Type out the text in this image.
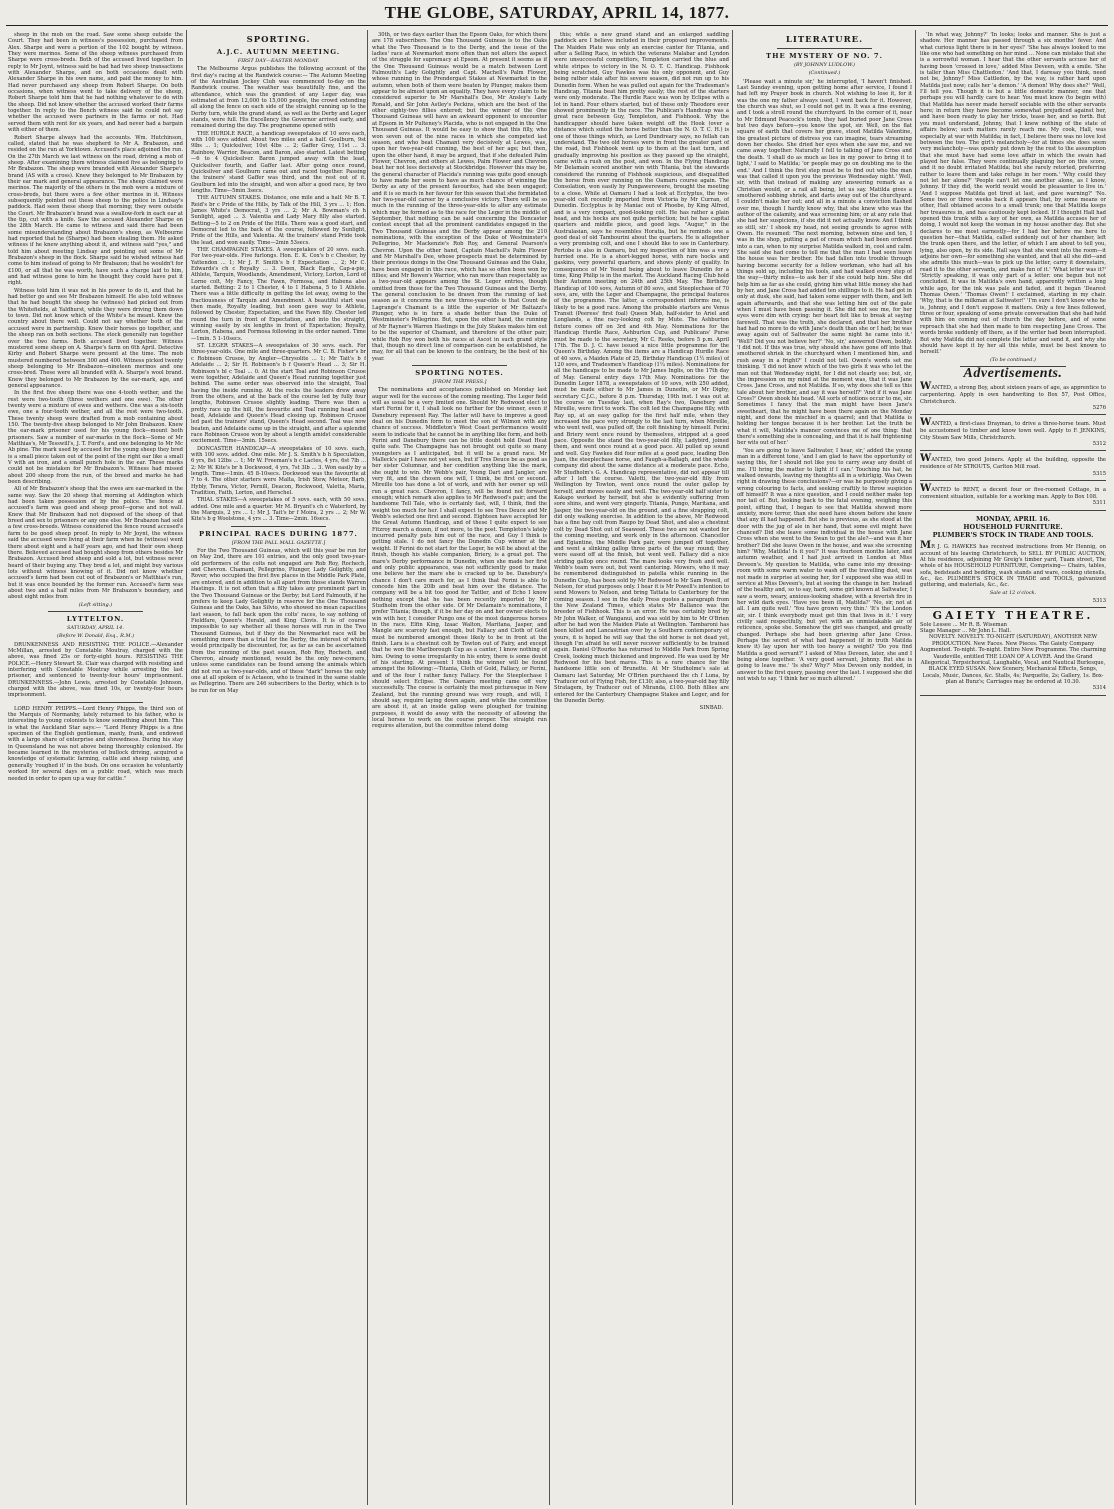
THE GLOBE, SATURDAY, APRIL 14, 1877.

sheep in the mob on the road. Saw some sheep outside the Court. They had been in witness's possession, purchased from Alex. Sharpe and were a portion of the 102 bought by witness. They were merinos. Some of the sheep witness purchased from Sharpe were cross-breds. Both of the accused lived together. In reply to Mr Joynt, witness said he had had two sheep transactions with Alexander Sharpe, and on both occasions dealt with Alexander Sharpe in his own name, and paid the money to him. Had never purchased any sheep from Robert Sharpe. On both occasions, when witness went to take delivery of the sheep, Robert Sharpe told him that he had nothing whatever to do with the sheep. Did not know whether the accused worked their farms together. In reply to the Bench witness said he could not say whether the accused were partners in the farms or not. Had served them with rent for six years, and had never had a bargain with either of them.

Robert Sharpe always had the accounts. Wm. Hutchinson, called, stated that he was shepherd to Mr A. Brabazon, and resided on the run at Yorktown. Accused's place adjoined the run. On the 27th March we last witness on the road, driving a mob of sheep. After examining them witness claimed five as belonging to Mr Brabazon. The sheep were branded with Alexander Sharpe's brand (AS with a cross). Knew they belonged to Mr Brabazon by their ear mark and general appearance. The sheep claimed were merinos. The majority of the others in the mob were a mixture of cross-breds, but there were a few other merinos in it. Witness subsequently pointed out these sheep to the police in Lindsay's paddock. Had seen these sheep that morning; they were outside the Court. Mr Brabazon's brand was a swallow-fork in each ear at the tip, cut with a knife. Saw the accused Alexander Sharpe on the 28th March. He came to witness and said there had been some misunderstanding about Brabazon's sheep, as Welbourne had reported that he (Sharpe) had been stealing them. He asked witness if he knew anything about it, and witness said "yes," and told him about meeting Lindsay and pointing out some of Mr Brabazon's sheep in the flock. Sharpe said he wished witness had come to him instead of going to Mr Brabazon; that he wouldn't for £100, or all that he was worth, have such a charge laid to him, and had witness gone to him he thought they could have put it right.

Witness told him it was not in his power to do it, and that he had better go and see Mr Brabazon himself. He also told witness that he had bought the sheep he (witness) had picked out from the Whitefields, at Yaldhurst, while they were driving them down to town. Did not know which of the White's he meant. Knew the country about there well. Could not say whether both of the accused were in partnership. Knew their horses go together, and the sheep ran on both sections. The stock generally ran together over the two farms. Both accused lived together. Witness mustered some sheep on A. Sharpe's farm on 6th April. Detective Kirby and Robert Sharpe were present at the time. The mob mustered numbered between 300 and 400. Witness picked twenty sheep belonging to Mr Brabazon—nineteen merinos and one cross-bred. These were all branded with A. Sharpe's wool brand. Knew they belonged to Mr Brabazon by the ear-mark, age, and general appearance.

In the first five sheep there was one 4-tooth wether, and the rest were two-tooth (three wethers and one ewe). The other twenty were a mixture of ewes and wethers. One was a six-tooth ewe, one a four-tooth wether, and all the rest were two-tooth. These twenty sheep were drafted from a mob containing about 150. The twenty-five sheep belonged to Mr John Brabazon. Knew the ear-mark prisoner used for his young flock—mount both prisoners. Saw a number of ear-marks in the flock—Some of Mr Matthias's, Mr Tesswill's, J. T. Ford's, and one belonging to Mr Mc Ab pine. The mark used by accused for the young sheep they bred is a small piece taken out of the point of the right ear like a small V with an iron, and a small punch hole in the ear. These marks could not be mistaken for Mr Brabazon's. Witness had missed about 200 sheep from the run, of the breed and marks he had been describing.

All of Mr Brabazon's sheep that the ewes are ear-marked in the same way. Saw the 20 sheep that morning at Addington which had been taken possession of by the police. The fence at accused's farm was good and sheep proof—gorse and not wall. Knew that Mr Brabazon had not disposed of the sheep of that breed and sex to prisoners or any one else. Mr Brabazon had sold a few cross-breeds. Witness considered the fence round accused's farm to be good sheep proof. In reply to Mr Joynt, the witness said the accused were living at their farm when he (witness) went there about eight and a half years ago, and had their own sheep there. Believed accused had bought sheep from others besides Mr Brabazon. Accused bred sheep and sold a lot, but witness never heard of their buying any. They bred a lot, and might buy various lots without witness knowing of it. Did not know whether accused's farm had been cut out of Brabazon's or Matthias's run, but it was once bounded by the former run. Accused's farm was about two and a half miles from Mr Brabazon's boundary, and about eight miles from

(Left sitting.)
LYTTELTON.
SATURDAY, APRIL 14.
(Before W. Donald, Esq., R.M.)

DRUNKENNESS AND RESISTING THE POLICE.—Alexander McMillan, arrested by Constable Moutray, charged with the above, was fined 25s or forty-eight hours. RESISTING THE POLICE.—Henry Stewart St. Clair was charged with resisting and interfering with Constable Moutray while arresting the last prisoner, and sentenced to twenty-four hours' imprisonment. DRUNKENNESS.—John Lewis, arrested by Constable Johnson, charged with the above, was fined 10s, or twenty-four hours imprisonment.

LORD HENRY PHIPPS.—Lord Henry Phipps, the third son of the Marquis of Normanby, lately returned to his father, who is interesting to young colonists to know something about him. This is what the Auckland Star says:— "Lord Henry Phipps is a fine specimen of the English gentleman, manly, frank, and endowed with a large share of enterprise and shrewdness. During his stay in Queensland he was not above being thoroughly colonised. He became learned in the mysteries of bullock driving, acquired a knowledge of systematic farming, cattle and sheep raising, and generally 'roughed it' in the bush. On one occasion he voluntarily worked for several days on a public road, which was much needed in order to open up a way for cattle."

SPORTING.
A.J.C. AUTUMN MEETING.
FIRST DAY—EASTER MONDAY.

The Melbourne Argus publishes the following account of the first day's racing at the Randwick course:— The Autumn Meeting of the Australian Jockey Club was commenced to-day on the Randwick course. The weather was beautifully fine, and the attendance, which was the grandest of any Leger day, was estimated at from 12,000 to 15,000 people, the crowd extending all along the fence on each side of the straight running up to the Derby turn, while the grand stand, as well as the Derby and Leger stands, were full. His Excellency the Governor arrived early, and remained during the day. The programme opened with

THE HURDLE RACE, a handicap sweepstakes of 10 sovs each, with 100 sovs added. About two miles and a half. Goulburn, 9st 9lbs ... 1; Quicksilver, 10st 4lbs ... 2; Gaffer Grey, 11st ... 3. Rainbow, Warrior, Beacon, and Baron, also started. Latest betting—6 to 4 Quicksilver. Baron jumped away with the lead, Quicksilver fourth, and Gaffer last. After going once round, Quicksilver and Goulburn came out and raced together. Passing the trainers' stand Gaffer was third, and the rest out of it. Goulburn led into the straight, and won after a good race, by two lengths. Time—5min 3secs.

THE AUTUMN STAKES. Distance, one mile and a half. Mr B. T. Reid's br c Pride of the Hills, by Talk of the Hill, 3 yrs ... 1; Hon. James White's Democrat, 3 yrs ... 2; Mr A. Bowman's ch h Sunlight, aged ... 3. Valentia and Lady Mary filly also started. Betting—5 to 2 on Pride of the Hills. There was a good start, and Democrat led to the back of the course, followed by Sunlight, Pride of the Hills, and Valentia. At the trainers' stand Pride took the lead, and won easily. Time—2min 53secs.

THE CHAMPAGNE STAKES. A sweepstakes of 20 sovs. each. For two-year-olds. Five furlongs. Hon. E. K. Cox's b c Chester, by Yattendon ... 1; Mr J. F. Smith's b f Expectation ... 2; Mr C. Edwards's ch c Royalty ... 3. Deen, Black Eagle, Cap-a-pie, Athlete, Tarquin, Woodlands, Amendment, Victory, Lorton, Lord of Lorne colt, My Fancy, The Fawn, Formosa, and Habena also started. Betting: 2 to 1 Chester, 4 to 1 Habena, 5 to 1 Athlete. There was a little difficulty in getting the lot away, owing to the fractiousness of Tarquin and Amendment. A beautiful start was then made, Royalty leading, but soon gave way to Athlete, followed by Chester, Expectation, and the Fawn filly. Chester led round the turn in front of Expectation, and into the straight, winning easily by six lengths in front of Expectation; Royalty, Lorton, Habena, and Formosa following in the order named. Time—1min. 5 1-10secs.

ST. LEGER STAKES—A sweepstakes of 30 sovs. each. For three-year-olds. One mile and three-quarters. Mr C. B. Fisher's br c Robinson Crusoe, by Angler—Chrysolite ... 1; Mr Tait's b f Adelaide ... 2; Sir H. Robinson's b f Queen's Head ... 3; Sir H. Robinson's bl c Toal ... 0. At the start Toal and Robinson Crusoe were together, Adelaide and Queen's Head running together just behind. The same order was observed into the straight, Toal having the inside running. At the rocks the leaders drew away from the others, and at the back of the course led by fully four lengths, Robinson Crusoe slightly leading. There was then a pretty race up the hill, the favourite and Toal running head and head, Adelaide and Queen's Head closing up. Robinson Crusoe led past the trainers' stand, Queen's Head second. Toal was now beaten, and Adelaide came up in the straight, and after a splendid race Robinson Crusoe won by about a length amidst considerable excitement. Time—3min. 15secs.

DONCASTER HANDICAP—A sweepstakes of 10 sovs. each, with 100 sovs. added. One mile. Mr J. S. Smith's b h Speculation, 6 yrs, 8st 12lbs ... 1; Mr W. Freeman's b c Lactes, 4 yrs, 6st 7lb ... 2; Mr W. Kite's br h Dockwood, 4 yrs, 7st 3lb ... 3. Won easily by a length. Time—1min. 45 8-10secs. Dockwood was the favourite at 7 to 4. The other starters were Malta, Irish Stew, Meteor, Barb, Hybly, Terara, Victor, Pernill, Deacon, Rockwood, Valetta, Maria, Tradition, Faith, Lorton, and Herschel.

TRIAL STAKES—A sweepstakes of 5 sovs. each, with 50 sovs. added. One mile and a quarter. Mr M. Bryant's ch c Waterford, by the Marquis, 2 yrs ... 1; Mr J. Tait's br f Moira, 2 yrs ... 2; Mr W. Kite's b g Woolstone, 4 yrs ... 3. Time—2min. 16secs.

PRINCIPAL RACES DURING 1877.
[FROM THE PALL MALL GAZETTE.]

For the Two Thousand Guineas, which will this year be run for on May 2nd, there are 101 entries, and the only good two-year-old performers of the colts not engaged are Rob Roy, Rochech, and Chevron. Chamant, Pellegrino, Plunger, Lady Golightly, and Rover, who occupied the first five places in the Middle Park Plate, are entered, and in addition to all apart from those stands Warren Hastings. It is not often that a filly takes any prominent part in the Two Thousand Guineas or the Derby; but Lord Falmouth, if he prefers to keep Lady Golightly in reserve for the One Thousand Guineas and the Oaks, has Silvio, who showed no mean capacities last season, to fall back upon the colts' races, to say nothing of Fieldfare, Queen's Herald, and King Clovis. It is of course impossible to say whether all these horses will run in the Two Thousand Guineas, but if they do the Newmarket race will be something more than a trial for the Derby, the interest of which would principally be discounted, for, as far as can be ascertained from the running of the past season, Rob Roy, Rochech, and Chevron, already mentioned, would be the only new-comers, unless some candidates can be found among the animals which did not run as two-year-olds, and of these "dark" horses the only one at all spoken of is Actaeon, who is trained in the same stable as Pellegrino. There are 246 subscribers to the Derby, which is to be run for on May

30th, or two days earlier than the Epsom Oaks, for which there are 178 subscribers. The One Thousand Guineas is to the Oaks what the Two Thousand is to the Derby, and the issue of the ladies' race at Newmarket more often than not alters the aspect of the struggle for supremacy at Epsom. At present it seems as if the One Thousand Guineas would be a match between Lord Falmouth's Lady Golightly and Capt. Machell's Palm Flower, whose running in the Prendergast Stakes at Newmarket in the autumn, when both of them were beaten by Plunger, makes them appear to be almost upon an equality. They have every claim to be considered superior to Mr Marshall's Dee, Mr Ansley's Lady Ronald, and Sir John Astley's Peckins, which are the best of the other eighty-two fillies entered; but the winner of the One Thousand Guineas will have an awkward opponent to encounter at Epsom in Mr Pulteney's Placida, who is not engaged in the One Thousand Guineas. It would be easy to show that this filly, who won seven out of the nine races in which she competed last season, and who beat Chamant very decisively at Lewes, was, upon her two-year-old running, the best of her age; but then, upon the other hand, it may be argued, that if she defeated Palm Flower, Chevron, and others at Lewes, Palm Flower and Chevron beat her not less decisively at Stockbridge. However this may be, the general character of Placida's running was quite good enough to have made her seem to have as much chance of winning the Derby as any of the present favourites, had she been engaged; and it is so much in her favour for this season that she formidated her two-year-old career by a conclusive victory. There will be so much in the running of the three-year-olds to alter any estimate which may be formed as to the race for the Leger in the middle of September, that nothing can be said concerning the Doncaster contest except that all the prominent candidates engaged in the Two Thousand Guineas and the Derby appear among the 210 nominations, with the exception of the Duke of Westminster's Pellegrino, Mr Mackenzie's Rob Roy, and General Pearson's Chevron. Upon the other hand, Captain Machell's Palm Flower and Mr Marshall's Dee, whose prospects must be determined by their previous doings in the One Thousand Guineas and the Oaks, have been engaged in this race, which has so often been won by fillies; and Mr Bowen's Warrior, who ran more than respectably as a two-year-old appears among the St. Leger entries, though omitted from those for the Two Thousand Guineas and the Derby. The general conclusion to be drawn from the running of last season as it concerns the new three-year-olds is that Count de Lagrange's Chamant is a little the superior of Mr Baltazzi's Plunger, who is in turn a shade better than the Duke of Westminster's Pellegrino. But, upon the other hand, the running of Mr Rayner's Warren Hastings in the July Stakes makes him out to be the superior of Chamant, and therefore of the other pair; while Rob Roy won both his races at Ascot in such grand style that, though no direct line of comparison can be established, he may, for all that can be known to the contrary, be the best of his year.

SPORTING NOTES.
[FROM THE PRESS.]

The nominations and acceptances published on Monday last augur well for the success of the coming meeting. The Leger field will as usual be a very limited one. Should Mr Redwood elect to start Ferini for it, I shall look no further for the winner, even if Danebury represent Ray. The latter will have to improve a good deal on his Dunedin form to meet the son of Wilmon with any chance of success. Middleton's West Coast performances would seem to indicate that he cannot be in anything like form, and both Ferini and Danebury there can be little doubt hold Dead Heat quite safe. The Champagne has not brought out quite so many youngsters as I anticipated, but it will be a grand race. Mr Malleck's pair I have not yet seen, but if Tres Deuce be as good as her sister Columnar, and her condition anything like the mark, she ought to win. Mr Webb's pair, Young Dart and Jangler, are very fit, and the chosen one will, I think, be first or second. Mireille too has done a lot of work, and with her owner up will run a great race. Chevron, I fancy, will be found not forward enough; which remark also applies to Mr Redwood's pair; and the handsome Tell Tale, who is certainly fast, will, I think, find the weight too much for her. I shall expect to see Tres Deuce and Mr Webb's selected one first and second. Eighteen have accepted for the Great Autumn Handicap, and of these I quite expect to see Fitzroy march a dozen, if not more, to the post. Templeton's lately incurred penalty puts him out of the race, and Guy I think is getting stale. I do not fancy the Dunedin Cup winner at the weight. If Ferini do not start for the Leger, he will be about at the finish, though his stable companion, Briery, is a great pot. The mare's Derby performance in Dunedin, when she made her first and only public appearance, was not sufficiently good to make one believe her the mare she is cracked up to be. Danebury's chance I don't care much for, as I think that Ferini is able to concede him the 20lb and beat him over the distance. The company will be a bit too good for Tattler, and of Echo I know nothing except that he has been recently imported by Mr Studholm from the other side. Of Mr Delamain's nominations, I prefer Titania; though, if it be her day on and her owner elects to win with her, I consider Pungo one of the most dangerous horses in the race. Elfin King, Izaac Walton, Maritana, Jasper, and Mangle are scarcely fast enough, but Fallacy and Cloth of Gold must be numbered amongst those likely to be in front at the finish. Lara is a chestnut colt by Towton out of Fairy, and except that he won the Marlborough Cup as a canter, I know nothing of him. Owing to some irregularity in his entry, there is some doubt of his starting. At present I think the winner will be found amongst the following:—Titania, Cloth of Gold, Fallacy, or Ferini, and of the four I rather fancy Fallacy. For the Steeplechase I should select Eclipse. The Oamaru meeting came off very successfully. The course is certainly the most picturesque in New Zealand, but the running ground was very rough, and will, I should say, require laying down again, and while the committee are about it, at an inside gallop were ploughed for training purposes, it would do away with the necessity of allowing the local horses to work on the course proper. The straight run requires alteration, but the committee intend doing

this; while a new grand stand and an enlarged saddling paddock are I believe included in their proposed improvements. The Maiden Plate was only an exercise canter for Titania, and after a Selling Race, in which the veterans Malabar and Lyndon were unsuccessful competitors, Templeton carried the blue and white stripes to victory in the N. O. T. C. Handicap. Fishhook being scratched, Guy Fawkes was his only opponent, and Guy being rather stale after his severe season, did not run up to his Dunedin form. When he was pulled out again for the Tradesman's Handicap, Titania beat him pretty easily; the rest of the starters were only moderate. The Hurdle Race was won by Eclipse with a lot in hand. Four others started, but of these only Theodore ever showed prominently in the race. The Publican's Handicap was a great race between Guy, Templeton, and Fishhook. Why the handicapper should have taken weight off the Hook (over a distance which suited the horse better than the N. O. T. C. H.) is one of those things which, as Lord Dundreary says, no fellah can understand. The two old horses were in front the greater part of the road, but Fishhook went up to them at the last turn, and gradually improving his position as they passed up the straight, came with a rush on the post, and won. In the Flying Handicap Mr Delamain scored another win with Titania, but the stewards considered the running of Fishhook suspicious, and disqualified the horse from ever running on the Oamaru course again. The Consolation, won easily by Pungawerewere, brought the meeting to a close. While at Oamaru I had a look at Ecclyptus, the two-year-old colt recently imported from Victoria by Mr Curran, of Dunedin. Ecclyptus is by Maniac out of Phoebe, by King Alfred, and is a very compact, good-looking colt. He has rather a plain head, and his hocks are not quite perfection; but he has capital quarters and middle piece, and good legs. "Augur," in the Australasian, says he resembles Horatia, but he reminds one a good deal of old Tambourini about the quarters. He is altogether a very promising colt, and one I should like to see in Canterbury. Pertobe is also in Oamaru, but my inspection of him was a very hurried one. He is a short-legged horse, with rare hocks and gaskins, very powerful quarters, and shows plenty of quality. In consequence of Mr Yeend being about to leave Dunedin for a time, King Philip is in the market. The Auckland Racing Club hold their Autumn meeting on 24th and 25th May. The Birthday Handicap of 100 sovs, Autumn of 80 sovs, and Steeplechase of 70 sovs, are, with the Leger and Champagne, the principal features of the programme. The latter, a correspondent informs me, is likely to be a good race. Among the probable starters are Venus Transit (Peeress' first foal) Queen Mab, half-sister to Ariel and Longlands, a fine racy-looking colt by Mute. The Ashburton fixture comes off on 3rd and 4th May. Nominations for the Handicap Hurdle Race, Ashburton Cup, and Publicans' Purse must be made to the secretary, Mr C. Reeks, before 5 p.m. April 17th. The D. J. C. have issued a nice little programme for the Queen's Birthday. Among the items are a Handicap Hurdle Race of 40 sovs, a Maiden Plate of 25, Birthday Handicap (1½ miles) of 120 sovs, and Tradesmen's Handicap (1¼ miles). Nominations for all the handicaps to be made to Mr James Inglis, on the 17th day of May. General entry days 17th May. Nominations for the Dunedin Leger 1878, a sweepstakes of 10 sovs, with 250 added, must be made either to Mr James in Dunedin, or Mr Digby, secretary C.J.C., before 8 p.m. Thursday, 19th inst. I was out at the course on Tuesday last, when Ray's two, Danebury and Mireille, were first to work. The colt led the Champagne filly, with Ray up, at an easy gallop for the first half mile, when they increased the pace very strongly to the last turn, when Mireille, who went well, was pulled off, the colt finishing by himself. Ferini and Briery went once round by themselves, stripped at a good pace. Opposite the stand the two-year-old filly, Ladybird, joined them, and went once round at a good pace. All pulled up sound and well. Guy Fawkes did four miles at a good pace, leading Don Juan, the steeplechase horse, and Faugh-a-Ballagh, and the whole company did about the same distance at a moderate pace. Echo, Mr Studholm's G. A. Handicap representative, did not appear till after I left the course. Valetti, the two-year-old filly from Wellington by Towton, went once round the outer gallop by herself, and moves easily and well. The two-year-old half sister to Kakapo worked by herself, but she is evidently suffering from sore shins, and went very gingerly. Titania, Pungo, Maritana, and Jasper, the two-year-old on the ground, and a fine strapping colt, did only walking exercise. In addition to the above, Mr Redwood has a fine bay colt from Raupo by Dead Shot, and also a chestnut colt by Dead Shot out of Seaweed. These two are not wanted for the coming meeting, and work only in the afternoon. Chancellor and Egiantine, the Middle Park pair, were jumped off together, and went a slinking gallop three parts of the way round; they were eased off at the finish, but went well. Fallacy did a nice striding gallop once round. The mare looks very fresh and well. Webb's team were out, but went cantering. Mowers, who it may be remembered distinguished in patella while running in the Dunedin Cup, has been sold by Mr Redwood to Mr Sam Powell, of Nelson, for stud purposes only. I hear it is Mr Powell's intention to send Mowers to Nelson, and bring Tattata to Canterbury for the coming season. I see in the daily Press quotes a paragraph from the New Zealand Times, which states Mr Ballance was the breeder of Fishhook. This is an error. He was certainly bred by Mr John Walker, of Wanganui, and was sold by him to Mr O'Brien after he had won the Maiden Plate at Wellington. Tambaroni has been killed and Lancastrian over by a Southern contemporary of yours, it is hoped he will say that the old horse is not dead yet, though I'm afraid he will never recover sufficiently to be trained again. Daniel O'Rourke has returned to Middle Park from Spring Creek, looking much thickened and improved. He was used by Mr Redwood for his best mares. This is a rare chance for the handsome little son of Brunette. At Mr Studholme's sale at Oamaru last Saturday, Mr O'Brien purchased the ch f Luna, by Traducer out of Flying Fish, for £130; also, a two-year-old bay filly Stratagem, by Traducer out of Miranda, £100. Both fillies are entered for the Canterbury Champagne Stakes and Leger, and for the Dunedin Derby.

SINBAD.
LITERATURE.
THE MYSTERY OF NO. 7.
(BY JOHNNY LUDLOW.)
(Continued.)

'Please wait a minute sir,' he interrupted, 'I haven't finished. Last Sunday evening, upon getting home after service, I found I had left my Prayer book in church. Not wishing to lose it, for it was the one my father always used, I went back for it. However, the church was shut, so I could not get in. It was a fine evening, and I took a stroll round the churchyard. In the corner of it, near to Mr Edmund Peacock's tomb, they had buried poor Jane Cross but two days before—you know the spot, sir. Well, on the flat square of earth that covers her grave, stood Matilda Valentine, the greatest picture of distress you can imagine, tears streaming down her cheeks. She dried her eyes when she saw me, and we came away together. Naturally I fell to talking of Jane Cross and the death. 'I shall do as much as lies in my power to bring it to light,' I said to Matilda; 'or people may go on doubting me to the end.' And I think the first step must be to find out who the man was that called it upon you the previous Wednesday night.' Well, sir, with that instead of making any answering remark as a Christian would, or a rail all being, let us say. Matilda gives a smothered sobbing shriek, and darts away out of the churchyard. I couldn't make her out; and all in a minute a conviction flashed over me, though I hardly know why, that she knew who was the author of the calamity, and was screening him; or at any rate that she had her suspicions, if she did it not actually know. And I think so still, sir.' I shook my head, not seeing grounds to agree with Owen. He resumed: 'The next morning, between nine and ten, I was in the shop, putting a pat of cream which had been ordered into a can, when to my surprise Matilda walked in, cool and calm. She said she had come to tell me that the man I had seen leave the house was her brother. He had fallen into trouble through having become security for a fellow workman, who had all his things sold up, including his tools, and had walked every step of the way—thirty miles—to ask her if she could help him. She did help him as far as she could, giving him what little money she had by her, and Jane Cross had added ten shillings to it. He had got in only at dusk, she said, had taken some supper with them, and left again afterwards, and that she was letting him out of the gate when I must have been passing it. She did not see me, for her eyes were dim with crying: her heart felt like to break at saying farewell. That was the truth, she declared, and that her brother had had no more to do with Jane's death than she or I had; he was away again out of Saltwater the same night he came into it.' 'Well? Did you not believe her?' 'No, sir,' answered Owen, boldly. 'I did not. If this was true, why should she have gone off into that smothered shriek in the churchyard when I mentioned him, and rush away in a fright?' I could not tell. Owen's words set me thinking. 'I did not know which of the two girls it was who let the man out that Wednesday night, for I did not clearly see; but, sir, the impression on my mind at the moment was, that it was Jane Cross. Jane Cross, and not Matilda. If so, why does she tell us this tale about her brother, and say it was herself?' 'And if it was Jane Cross?' Owen shook his head. 'All sorts of notions occur to me, sir. Sometimes I fancy that the man might have been Jane's sweetheart, that he might have been there again on the Monday night, and done the mischief in a quarrel; and that Matilda is holding her tongue because it is her brother. Let the truth be what it will, Matilda's manner convinces me of one thing: that there's something she is concealing, and that it is half frightening her wits out of her.'

'You are going to leave Saltwater, I hear, sir,' added the young man in a different tone, 'and I am glad to have the opportunity of saying this, for I should not like you to carry away any doubt of me. I'll bring the matter to light if I can.' Touching his hat, he walked onwards, leaving my thoughts all in a whirligig. Was Owen right in drawing these conclusions?—or was he purposely giving a wrong colouring to facts, and seeking craftily to throw suspicion off himself? It was a nice question, and I could neither make top nor tail of. But, looking back to the fatal evening, weighing this point, sifting that, I began to see that Matilda showed more anxiety, more terror, than she need have shown before she knew that any ill had happened. But she is previous, as she stood at the door with the jug of ale in her hand, that some evil might have chanced? Did she leave some individual in the house with Jane Cross when she went to the Swan to get the ale?—and was it her brother? Did she leave Owen in the house, and was she screening him? 'Why, Matilda! Is it you?' It was fourteen months later, and autumn weather, and I had just arrived in London at Miss Deveen's. My question to Matilda, who came into my dressing-room with some warm water to wash off the travelling dust, was not made in surprise at seeing her, for I supposed she was still in service at Miss Deveen's, but at seeing the change in her. Instead of the healthy and, so to say, hard, some girl known at Saltwater, I saw a worn, weary, anxious-looking shadow, with a feverish fire in her wild dark eyes. 'Have you been ill, Matilda?' 'No, sir, not at all. I am quite well.' 'You have grown very thin.' 'It's the London air, sir. I think everybody must get thin that lives in it.' I very civilly said respectfully, but yet with an unmistakable air of reticence, spoke she. Somehow the girl was changed, and greatly changed. Perhaps she had been grieving after Jane Cross. Perhaps the secret of what had happened (if in truth Matilda knew it) lay upon her with too heavy a weight? 'Do you find Matilda a good servant?' I asked of Miss Deveen, later, she and I being alone together. 'A very good servant, Johnny. But she is going to leave me.' 'Is she? Why?' Miss Deveen only nodded, in answer to the first query, passing over the last. I supposed she did not wish to say. 'I think her so much altered.'

'In what way, Johnny?' 'In looks; looks and manner. She is just a shadow. Her manner has passed through a six months' fever. And what curious light there is in her eyes!' 'She has always looked to me like one who had something on her mind ... None can mistake that she is a sorrowful woman. I hear that the other servants accuse her of having been 'crossed in love,' added Miss Deveen, with a smile. 'She is taller than Miss Chattledon.' 'And that, I daresay you think, need not be, Johnny!' Miss Cattledon, by the way, is rather hard upon Matilda just now; calls her 'a demon.' 'A demon! Why does she?' 'Well, I'll tell you. Though it is but a little domestic manner, one that perhaps you will hardly care to hear. You must know (to begin with) that Matilda has never made herself sociable with the other servants here; in return they have become somewhat prejudiced against her, and have been ready to play her tricks, tease her, and so forth. But you must understand, Johnny, that I knew nothing of the state of affairs below; such matters rarely reach me. My cook, Hall, was especially at war with Matilda; in fact, I believe there was no love lost between the two. The girl's melancholy—for at times she does seem very melancholy—was openly put down by the rest to the assumption that she must have had some love affair in which the swain had played her false. They were continually plaguing her on this score, and it no doubt irritated Matilda; but she rarely retorted, preferring rather to leave them and take refuge in her room.' 'Why could they not let her alone?' 'People can't let one another alone, as I know, Johnny. If they did, the world would would be pleasanter to live in.' 'And I suppose Matilda got tired at last, and gave warning?' 'No. Some two or three weeks back it appears that, by some means or other, Hall obtained access to a small trunk; one that Matilda keeps her treasures in, and has cautiously kept locked. If I thought Hall had opened this trunk with a key of her own, as Matilda accuses her of doing, I would not keep the woman in my house another day. But she declares to me most earnestly—for I had her before me here to question her—that Matilda, called suddenly out of her chamber, left the trunk open there, and the letter, of which I am about to tell you, lying, also open, by its side. Hall says that she went into the room—it adjoins her own—for something she wanted, and that all she did—and she admits this much—was to pick up the letter, carry it downstairs, read it to the other servants, and make fun of it.' 'What letter was it?' 'Strictly speaking, it was only part of a letter: one begun but not concluded. It was in Matilda's own hand, apparently written a long while ago, for the ink was pale and faded, and it began 'Dearest Thomas Owen.' 'Thomas Owen!' I exclaimed, starting in my chair. 'Why, that is the milkman at Saltwater!' 'I'm sure I don't know who he is, Johnny, and I don't suppose it matters. Only a few lines followed, three or four, speaking of some private conversation that she had held with him on coming out of church the day before, and of some reproach that she had then made to him respecting Jane Cross. The words broke suddenly off there, as if the writer had been interrupted. But why Matilda did not complete the letter and send it, and why she should have kept it by her all this while, must be best known to herself.'

(To be continued.)
Advertisements.
WANTED, a strong Boy, about sixteen years of age, as apprentice to carpentering. Apply in own handwriting to Box 57, Post Office, Christchurch.
5276
WANTED, a first-class Drayman, to drive a three-horse team. Must be accustomed to timber and know town well. Apply to F. JENKINS, City Steam Saw Mills, Christchurch.
5312
WANTED, two good Joiners. Apply at the building, opposite the residence of Mr STROUTS, Carlton Mill road.
5315
WANTED to RENT, a decent four or five-roomed Cottage, in a convenient situation, suitable for a working man. Apply to Box 108.
5311
MONDAY, APRIL 16.
HOUSEHOLD FURNITURE.
PLUMBER'S STOCK IN TRADE AND TOOLS.
MR J. G. HAWKES has received instructions from Mr Hennig, on account of his leaving Christchurch, to SELL BY PUBLIC AUCTION, At his residence, adjoining Mr Greig's timber yard, Tuam street, The whole of his HOUSEHOLD FURNITURE, Comprising— Chairs, tables, sofa, bedsteads and bedding, wash stands and ware, cooking utensils, &c., &c. PLUMBER'S STOCK IN TRADE and TOOLS, galvanized guttering, and materials, &c., &c.
Sale at 12 o'clock.
5313
GAIETY THEATRE.
Sole Lessee ... Mr R. B. Wiseman
Stage Manager ... Mr John L. Hall.
NOVELTY. NOVELTY. TO-NIGHT (SATURDAY), ANOTHER NEW PRODUCTION. New Faces. New Pieces. The Gaiety Company Augmented. To-night. To-night. Entire New Programme. The charming Vaudeville, entitled THE LOAN OF A LOVER. And the Grand Allegorical, Terpsichorical, Laughable, Vocal, and Nautical Burlesque, BLACK EYED SUSAN. New Scenery, Mechanical Effects, Songs, Locals, Music, Dances, &c. Stalls, 4s; Parquette, 2s; Gallery, 1s. Box-plan at Bunz's; Carriages may be ordered at 10.30.
5314
